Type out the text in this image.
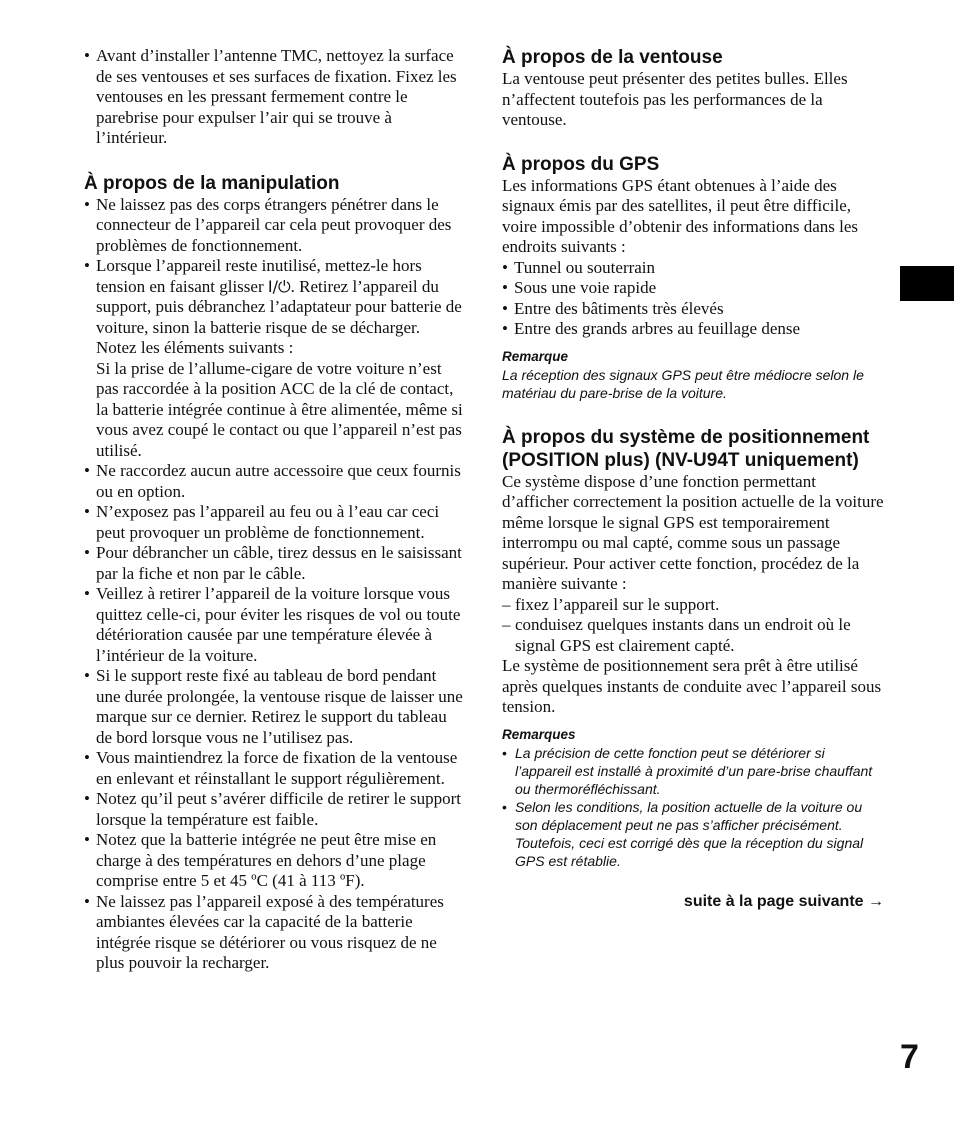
• Avant d’installer l’antenne TMC, nettoyez la surface de ses ventouses et ses surfaces de fixation. Fixez les ventouses en les pressant fermement contre le parebrise pour expulser l’air qui se trouve à l’intérieur.
À propos de la manipulation
• Ne laissez pas des corps étrangers pénétrer dans le connecteur de l’appareil car cela peut provoquer des problèmes de fonctionnement.
• Lorsque l’appareil reste inutilisé, mettez-le hors tension en faisant glisser I/⏻. Retirez l’appareil du support, puis débranchez l’adaptateur pour batterie de voiture, sinon la batterie risque de se décharger. Notez les éléments suivants :
Si la prise de l’allume-cigare de votre voiture n’est pas raccordée à la position ACC de la clé de contact, la batterie intégrée continue à être alimentée, même si vous avez coupé le contact ou que l’appareil n’est pas utilisé.
• Ne raccordez aucun autre accessoire que ceux fournis ou en option.
• N’exposez pas l’appareil au feu ou à l’eau car ceci peut provoquer un problème de fonctionnement.
• Pour débrancher un câble, tirez dessus en le saisissant par la fiche et non par le câble.
• Veillez à retirer l’appareil de la voiture lorsque vous quittez celle-ci, pour éviter les risques de vol ou toute détérioration causée par une température élevée à l’intérieur de la voiture.
• Si le support reste fixé au tableau de bord pendant une durée prolongée, la ventouse risque de laisser une marque sur ce dernier. Retirez le support du tableau de bord lorsque vous ne l’utilisez pas.
• Vous maintiendrez la force de fixation de la ventouse en enlevant et réinstallant le support régulièrement.
• Notez qu’il peut s’avérer difficile de retirer le support lorsque la température est faible.
• Notez que la batterie intégrée ne peut être mise en charge à des températures en dehors d’une plage comprise entre 5 et 45 ºC (41 à 113 ºF).
• Ne laissez pas l’appareil exposé à des températures ambiantes élevées car la capacité de la batterie intégrée risque se détériorer ou vous risquez de ne plus pouvoir la recharger.
À propos de la ventouse

La ventouse peut présenter des petites bulles. Elles n’affectent toutefois pas les performances de la ventouse.

À propos du GPS

Les informations GPS étant obtenues à l’aide des signaux émis par des satellites, il peut être difficile, voire impossible d’obtenir des informations dans les endroits suivants :

• Tunnel ou souterrain
• Sous une voie rapide
• Entre des bâtiments très élevés
• Entre des grands arbres au feuillage dense
Remarque

La réception des signaux GPS peut être médiocre selon le matériau du pare-brise de la voiture.

À propos du système de positionnement (POSITION plus) (NV-U94T uniquement)

Ce système dispose d’une fonction permettant d’afficher correctement la position actuelle de la voiture même lorsque le signal GPS est temporairement interrompu ou mal capté, comme sous un passage supérieur. Pour activer cette fonction, procédez de la manière suivante :

– fixez l’appareil sur le support.
– conduisez quelques instants dans un endroit où le signal GPS est clairement capté.

Le système de positionnement sera prêt à être utilisé après quelques instants de conduite avec l’appareil sous tension.

Remarques
• La précision de cette fonction peut se détériorer si l’appareil est installé à proximité d’un pare-brise chauffant ou thermoréfléchissant.
• Selon les conditions, la position actuelle de la voiture ou son déplacement peut ne pas s’afficher précisément. Toutefois, ceci est corrigé dès que la réception du signal GPS est rétablie.
suite à la page suivante →
7
